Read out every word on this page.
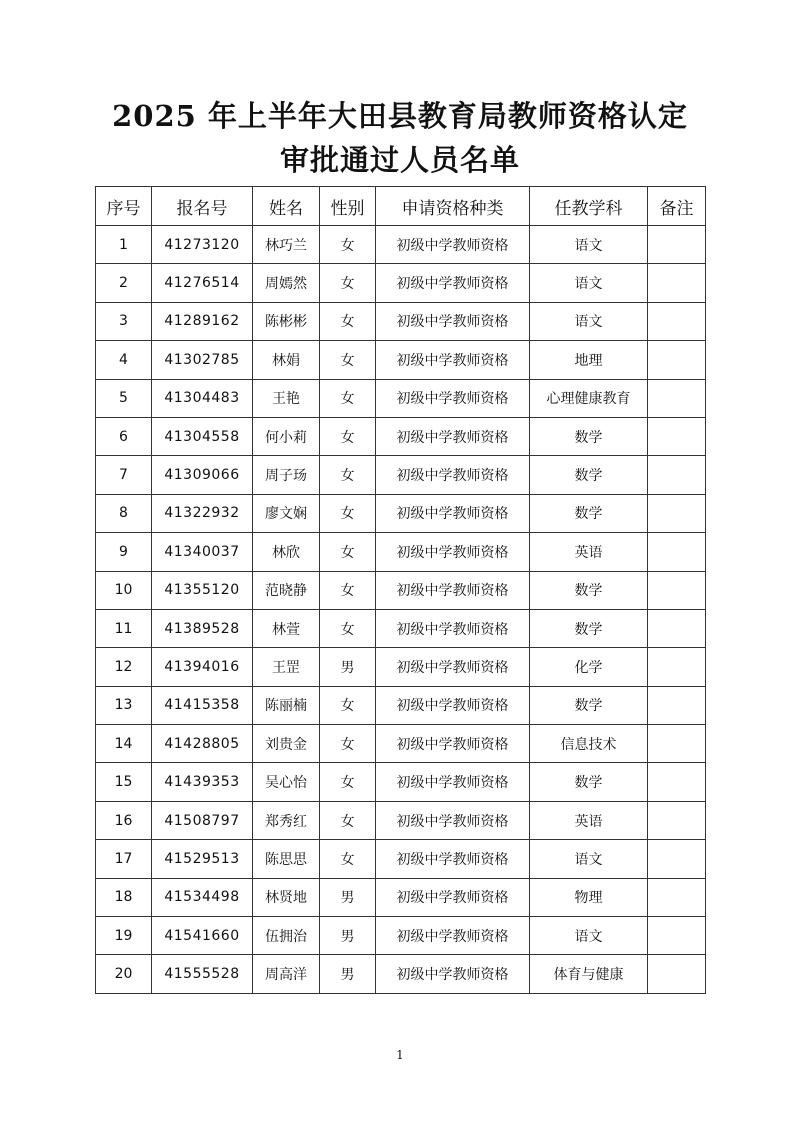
2025 年上半年大田县教育局教师资格认定
审批通过人员名单
序号	报名号	姓名	性别	申请资格种类	任教学科	备注
1	41273120	林巧兰	女	初级中学教师资格	语文	
2	41276514	周嫣然	女	初级中学教师资格	语文	
3	41289162	陈彬彬	女	初级中学教师资格	语文	
4	41302785	林娟	女	初级中学教师资格	地理	
5	41304483	王艳	女	初级中学教师资格	心理健康教育	
6	41304558	何小莉	女	初级中学教师资格	数学	
7	41309066	周子玚	女	初级中学教师资格	数学	
8	41322932	廖文娴	女	初级中学教师资格	数学	
9	41340037	林欣	女	初级中学教师资格	英语	
10	41355120	范晓静	女	初级中学教师资格	数学	
11	41389528	林萱	女	初级中学教师资格	数学	
12	41394016	王罡	男	初级中学教师资格	化学	
13	41415358	陈丽楠	女	初级中学教师资格	数学	
14	41428805	刘贵金	女	初级中学教师资格	信息技术	
15	41439353	吴心怡	女	初级中学教师资格	数学	
16	41508797	郑秀红	女	初级中学教师资格	英语	
17	41529513	陈思思	女	初级中学教师资格	语文	
18	41534498	林贤地	男	初级中学教师资格	物理	
19	41541660	伍拥治	男	初级中学教师资格	语文	
20	41555528	周高洋	男	初级中学教师资格	体育与健康	
1
